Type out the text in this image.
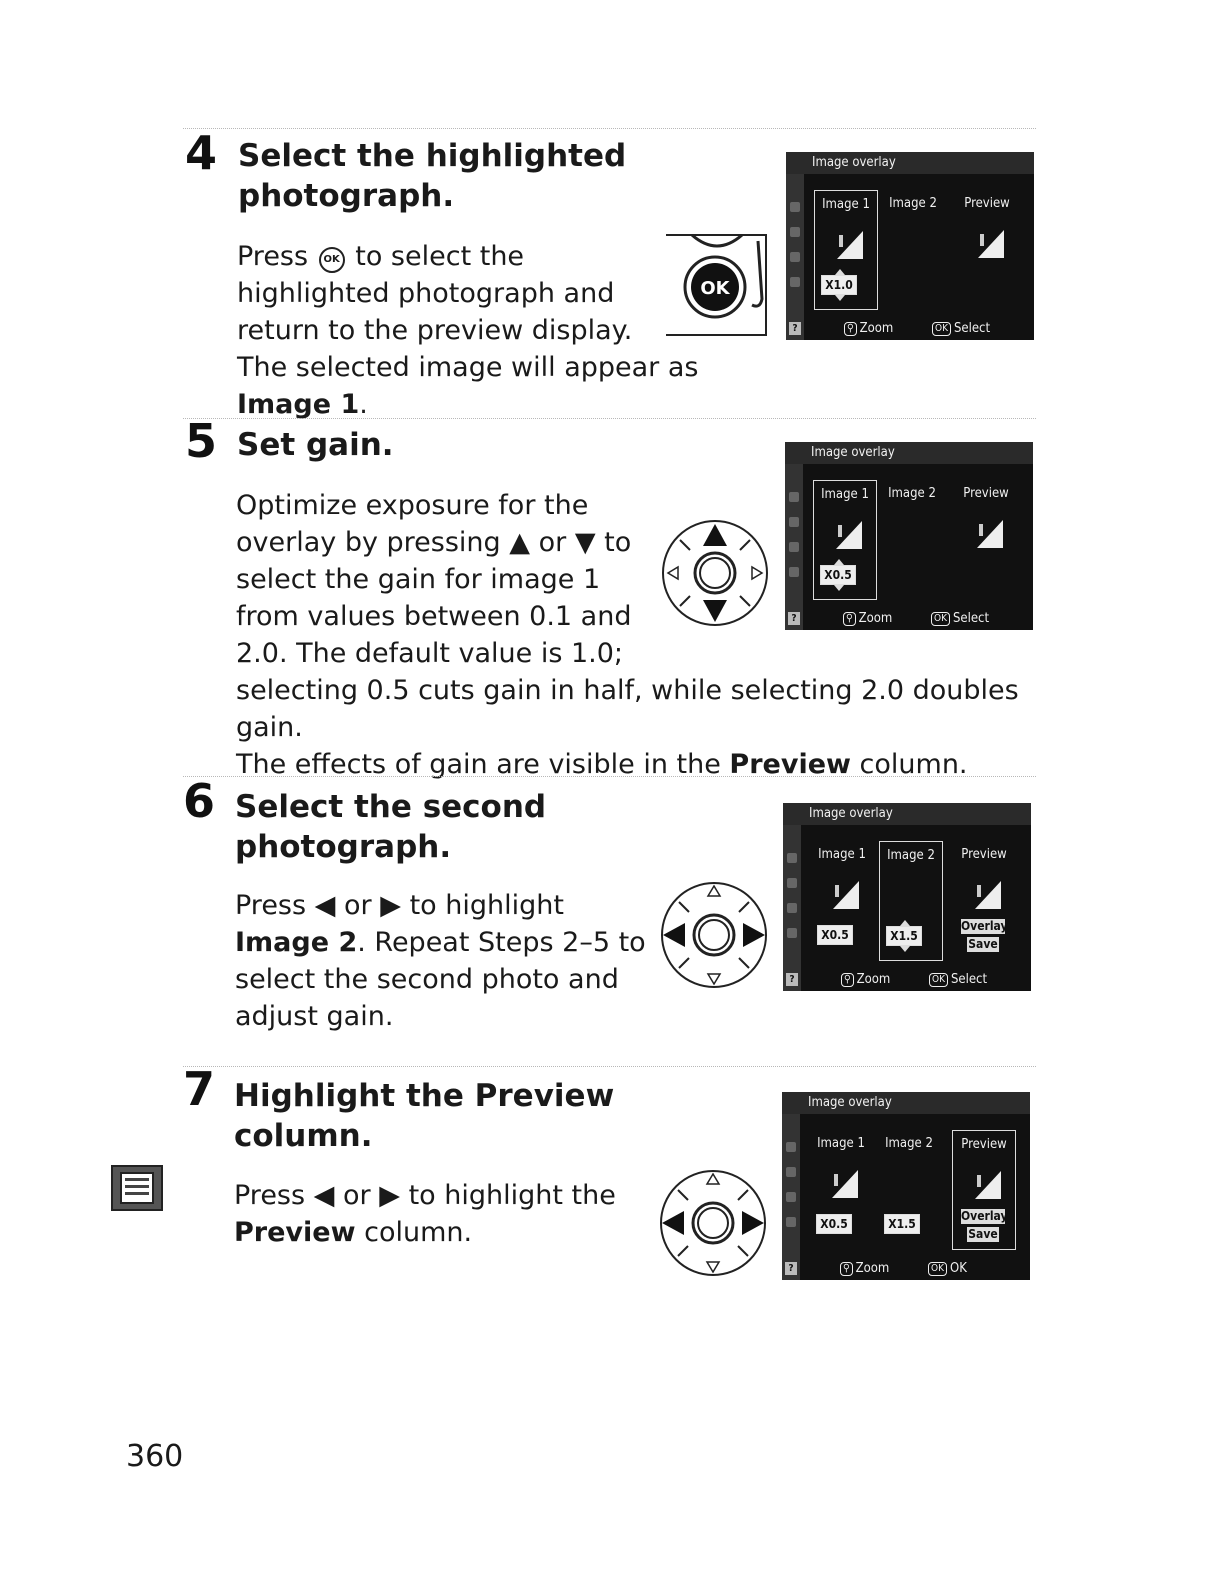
4 Select the highlighted
photograph.

Press OK to select the
highlighted photograph and
return to the preview display.
The selected image will appear as Image 1.

OK
Image overlay
Image 1
X1.0
Image 2	Preview
?	⚲ Zoom	OK Select
5 Set gain.

Optimize exposure for the
overlay by pressing ▲ or ▼ to
select the gain for image 1
from values between 0.1 and
2.0. The default value is 1.0;
selecting 0.5 cuts gain in half, while selecting 2.0 doubles gain.
The effects of gain are visible in the Preview column.

Image overlay
Image 1
X0.5
Image 2	Preview
?	⚲ Zoom	OK Select
6 Select the second
photograph.

Press ◀ or ▶ to highlight
Image 2. Repeat Steps 2–5 to
select the second photo and
adjust gain.

Image overlay
Image 1
X0.5
Image 2
X1.5
Preview
Overlay
Save
?	⚲ Zoom	OK Select
7 Highlight the Preview
column.

Press ◀ or ▶ to highlight the
Preview column.

Image overlay
Image 1
X0.5
Image 2
X1.5
Preview
Overlay
Save
?	⚲ Zoom	OK OK

360
